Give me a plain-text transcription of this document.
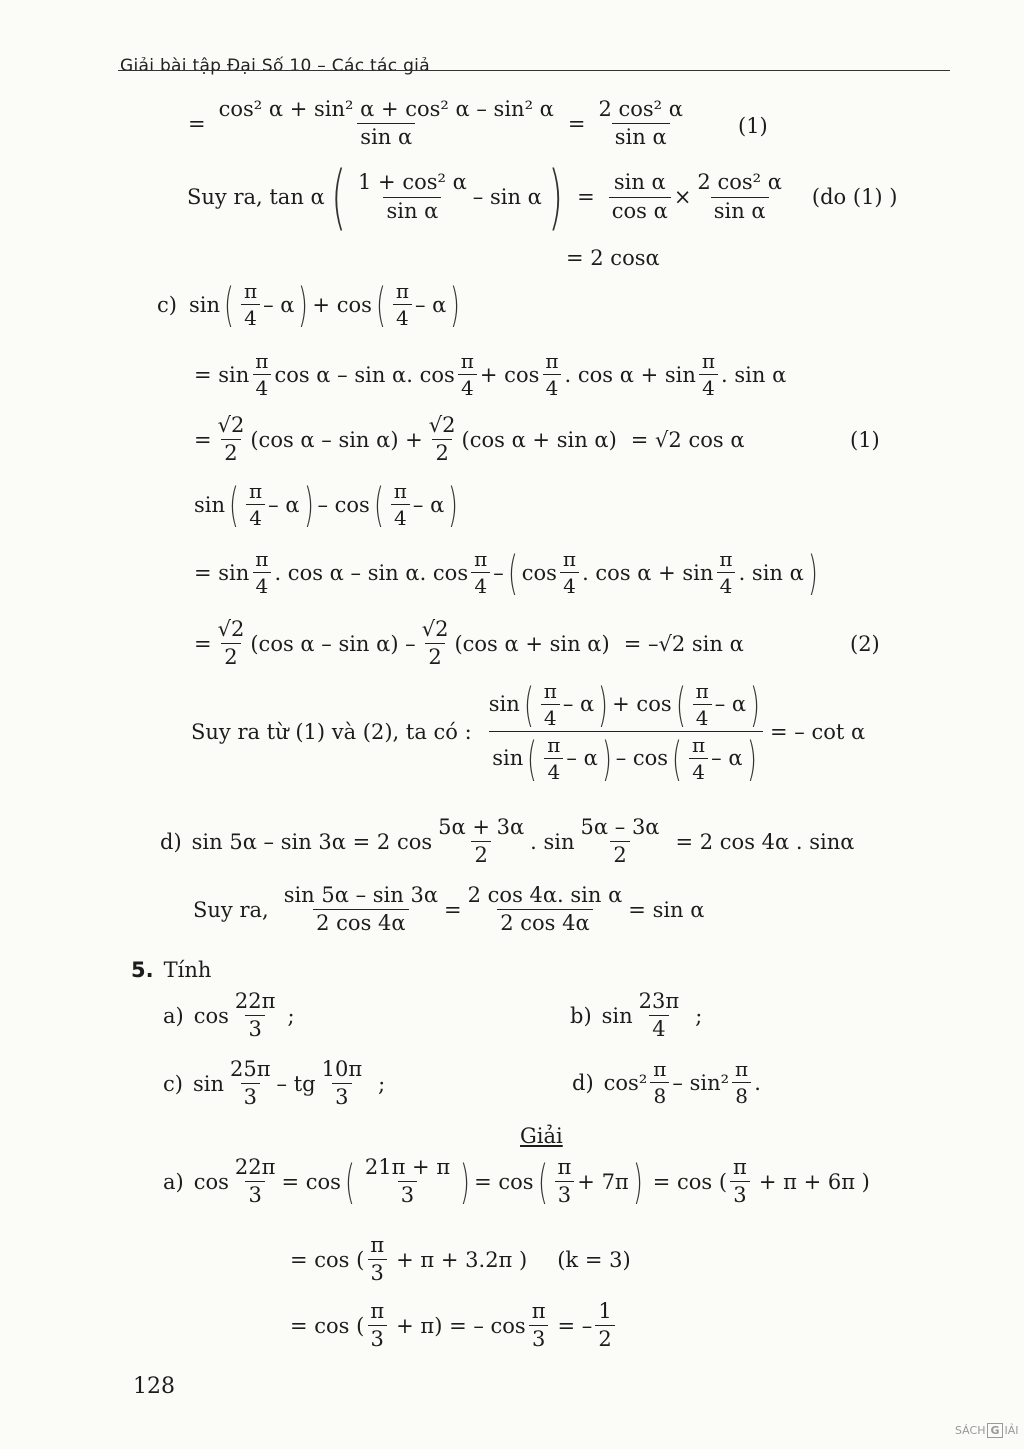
Giải bài tập Đại Số 10 – Các tác giả
= $\frac{\text{cos² α + sin² α + cos² α – sin² α}}{\text{sin α}} = \frac{\text{2 cos² α}}{\text{sin α}} (1)$
Suy ra, tan α ( $\frac{\text{1 + cos² α}}{\text{sin α}}$ – sin α ) = $\frac{\text{sin α}}{\text{cos α}} \times \frac{\text{2 cos² α}}{\text{sin α}} (do$ (1) )
= 2 cosα
c) sin ( $\frac{\pi}{4}$ – α ) + cos ( $\frac{\pi}{4}$ – α )
= $\sin \frac{\pi}{4}$ cos α – sin α. $\cos \frac{\pi}{4} + \cos \frac{\pi}{4}$ . $\cos \alpha + \sin \frac{\pi}{4}$ . sin α
= $\frac{√2}{2} (\cos$ $\alpha - \sin \alpha) + \frac{√2}{2} (\cos$ α + sin α) = √2 cos α	(1)
sin ( $\frac{\pi}{4}$ – α ) – cos ( $\frac{\pi}{4}$ – α )
= $\sin \frac{\pi}{4}$ . cos α – sin α. $\cos \frac{\pi}{4}$ – ( $\cos \frac{\pi}{4}$ . $\cos \alpha + \sin \frac{\pi}{4}$ . sin α )
= $\frac{√2}{2} (\cos$ α – $\sin \alpha) - \frac{√2}{2} (\cos$ α + sin α) = –√2 sin α	(2)
Suy ra từ (1) và (2), ta có :
sin ( $\frac{\pi}{4}$ – α ) + cos ( $\frac{\pi}{4}$ – α )
sin ( $\frac{\pi}{4}$ – α ) – cos ( $\frac{\pi}{4}$ – α ) = – cot α
d) sin 5α – sin 3α = 2 $\cos \frac{5\alpha + 3\alpha}{2}$ . $\sin \frac{5\alpha - 3\alpha}{2} = 2$ cos 4α . sinα
Suy ra, $\frac{\sin 5\alpha - \sin 3\alpha}{2 \cos 4\alpha} = \frac{\text{2 cos 4α. sin α}}{2 \cos 4\alpha} = \sin \alpha$
5. Tính
a) $\cos \frac{22\pi}{3}$ ;	b) $\sin \frac{23\pi}{4}$ ;
c) $\sin \frac{25\pi}{3}$ – tg $\frac{10\pi}{3}$ ;	d) $\cos^2 \frac{\pi}{8} - \sin^2 \frac{\pi}{8}$ .
Giải
a) $\cos \frac{22\pi}{3} = \cos$ ( $\frac{21\pi + \pi}{3}$ ) = cos ( $\frac{\pi}{3} + 7\pi$ ) = cos ( $\frac{\pi}{3} + \pi + 6\pi$ )
= cos ( $\frac{\pi}{3} + \pi + 3.2\pi$ ) (k = 3)
= cos ( $\frac{\pi}{3} + \pi$) = – $\cos \frac{\pi}{3}$ = – $\frac{1}{2}$
128
SÁCH G IẢI
